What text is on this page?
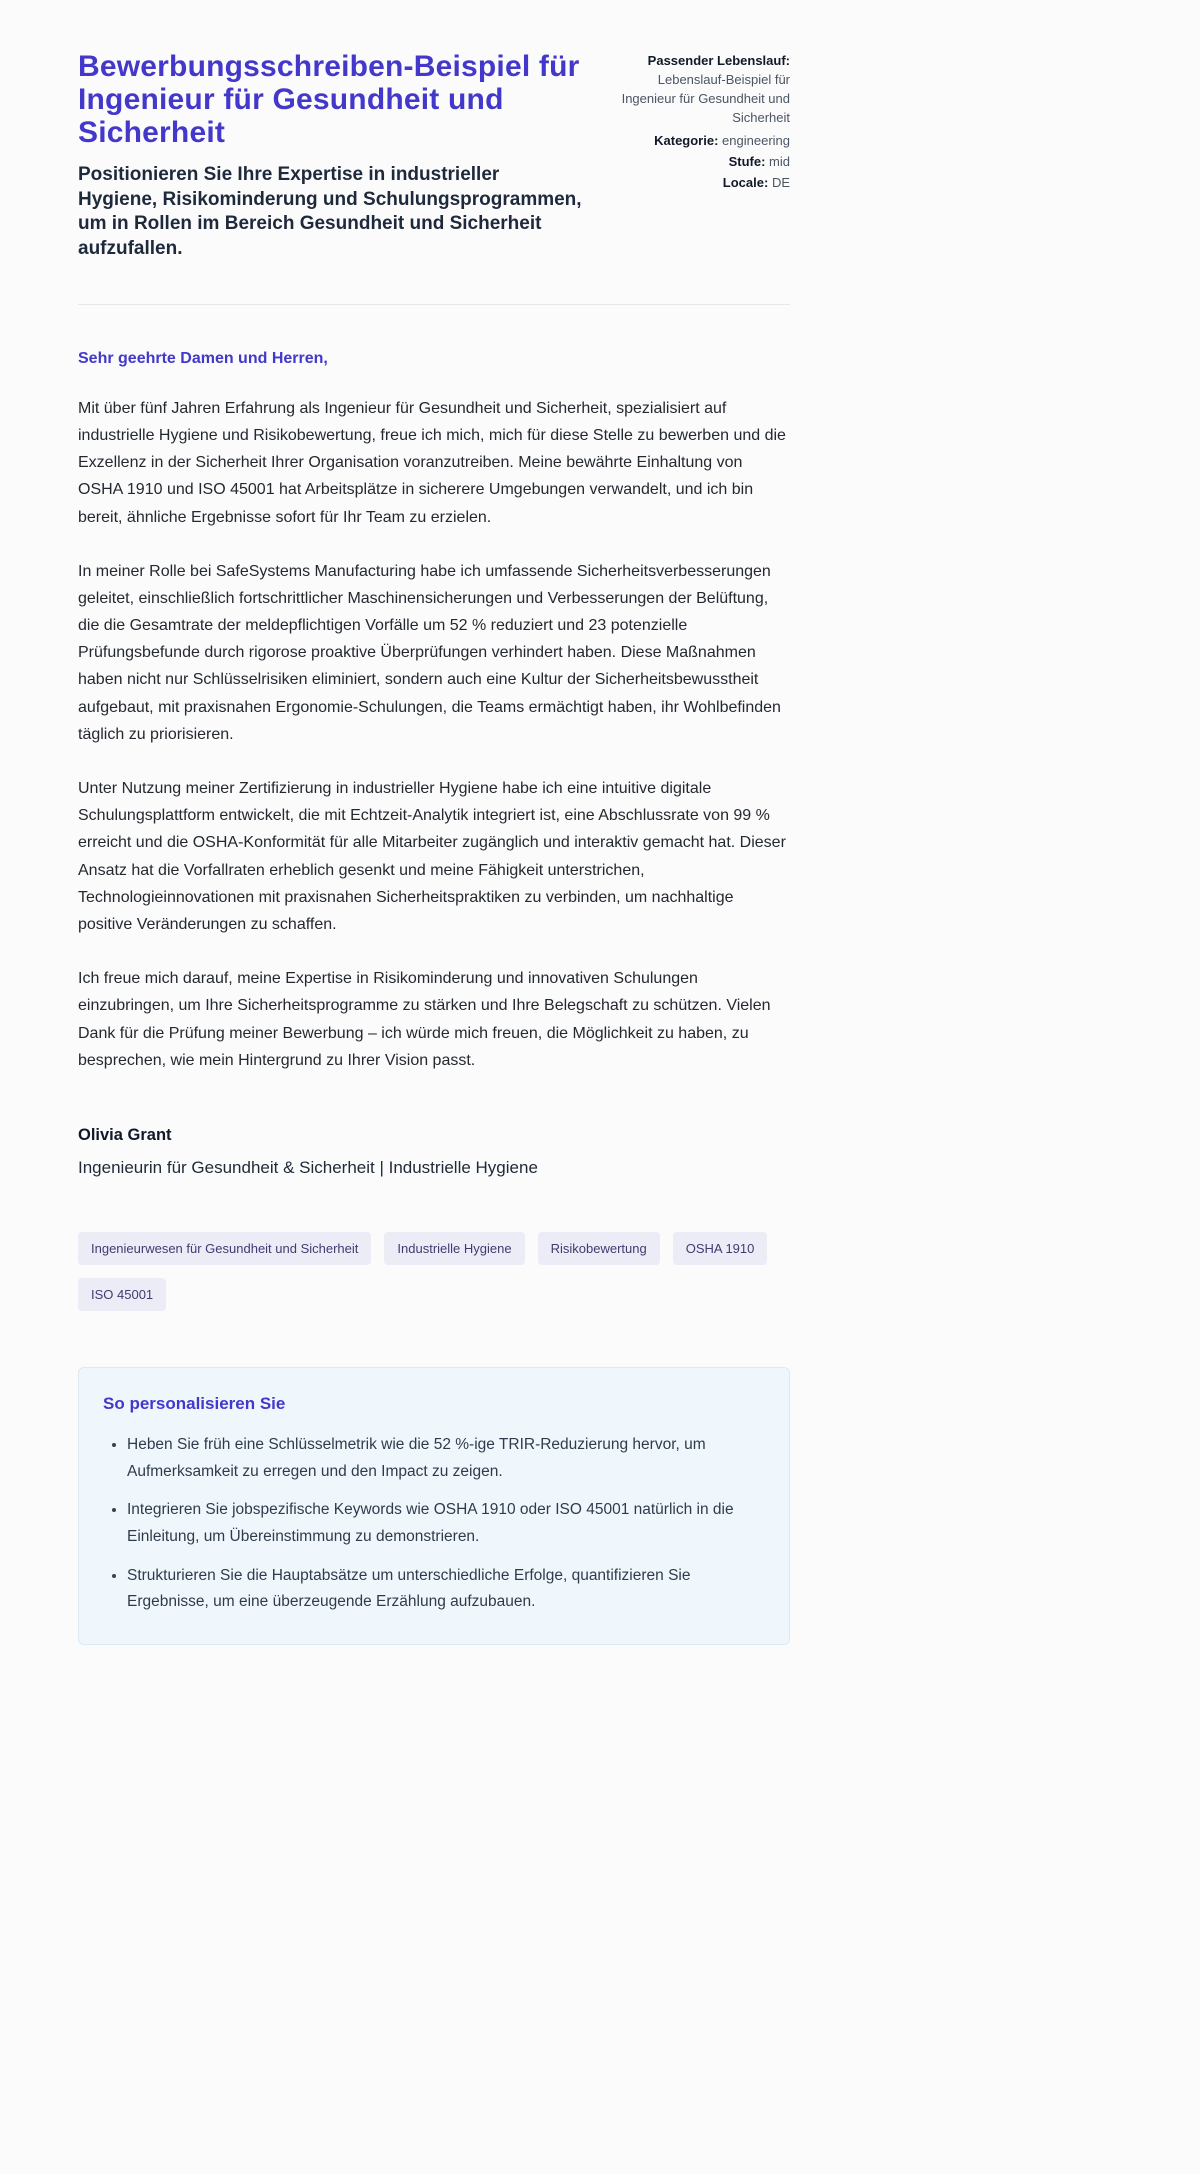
Bewerbungsschreiben-Beispiel für Ingenieur für Gesundheit und Sicherheit

Positionieren Sie Ihre Expertise in industrieller Hygiene, Risikominderung und Schulungsprogrammen, um in Rollen im Bereich Gesundheit und Sicherheit aufzufallen.

Passender Lebenslauf:
Lebenslauf-Beispiel für Ingenieur für Gesundheit und Sicherheit
Kategorie: engineering
Stufe: mid
Locale: DE

Sehr geehrte Damen und Herren,

Mit über fünf Jahren Erfahrung als Ingenieur für Gesundheit und Sicherheit, spezialisiert auf industrielle Hygiene und Risikobewertung, freue ich mich, mich für diese Stelle zu bewerben und die Exzellenz in der Sicherheit Ihrer Organisation voranzutreiben. Meine bewährte Einhaltung von OSHA 1910 und ISO 45001 hat Arbeitsplätze in sicherere Umgebungen verwandelt, und ich bin bereit, ähnliche Ergebnisse sofort für Ihr Team zu erzielen.

In meiner Rolle bei SafeSystems Manufacturing habe ich umfassende Sicherheitsverbesserungen geleitet, einschließlich fortschrittlicher Maschinensicherungen und Verbesserungen der Belüftung, die die Gesamtrate der meldepflichtigen Vorfälle um 52 % reduziert und 23 potenzielle Prüfungsbefunde durch rigorose proaktive Überprüfungen verhindert haben. Diese Maßnahmen haben nicht nur Schlüsselrisiken eliminiert, sondern auch eine Kultur der Sicherheitsbewusstheit aufgebaut, mit praxisnahen Ergonomie-Schulungen, die Teams ermächtigt haben, ihr Wohlbefinden täglich zu priorisieren.

Unter Nutzung meiner Zertifizierung in industrieller Hygiene habe ich eine intuitive digitale Schulungsplattform entwickelt, die mit Echtzeit-Analytik integriert ist, eine Abschlussrate von 99 % erreicht und die OSHA-Konformität für alle Mitarbeiter zugänglich und interaktiv gemacht hat. Dieser Ansatz hat die Vorfallraten erheblich gesenkt und meine Fähigkeit unterstrichen, Technologieinnovationen mit praxisnahen Sicherheitspraktiken zu verbinden, um nachhaltige positive Veränderungen zu schaffen.

Ich freue mich darauf, meine Expertise in Risikominderung und innovativen Schulungen einzubringen, um Ihre Sicherheitsprogramme zu stärken und Ihre Belegschaft zu schützen. Vielen Dank für die Prüfung meiner Bewerbung – ich würde mich freuen, die Möglichkeit zu haben, zu besprechen, wie mein Hintergrund zu Ihrer Vision passt.

Olivia Grant

Ingenieurin für Gesundheit & Sicherheit | Industrielle Hygiene

Ingenieurwesen für Gesundheit und Sicherheit	Industrielle Hygiene	Risikobewertung	OSHA 1910
ISO 45001
So personalisieren Sie
• Heben Sie früh eine Schlüsselmetrik wie die 52 %-ige TRIR-Reduzierung hervor, um Aufmerksamkeit zu erregen und den Impact zu zeigen.
• Integrieren Sie jobspezifische Keywords wie OSHA 1910 oder ISO 45001 natürlich in die Einleitung, um Übereinstimmung zu demonstrieren.
• Strukturieren Sie die Hauptabsätze um unterschiedliche Erfolge, quantifizieren Sie Ergebnisse, um eine überzeugende Erzählung aufzubauen.
